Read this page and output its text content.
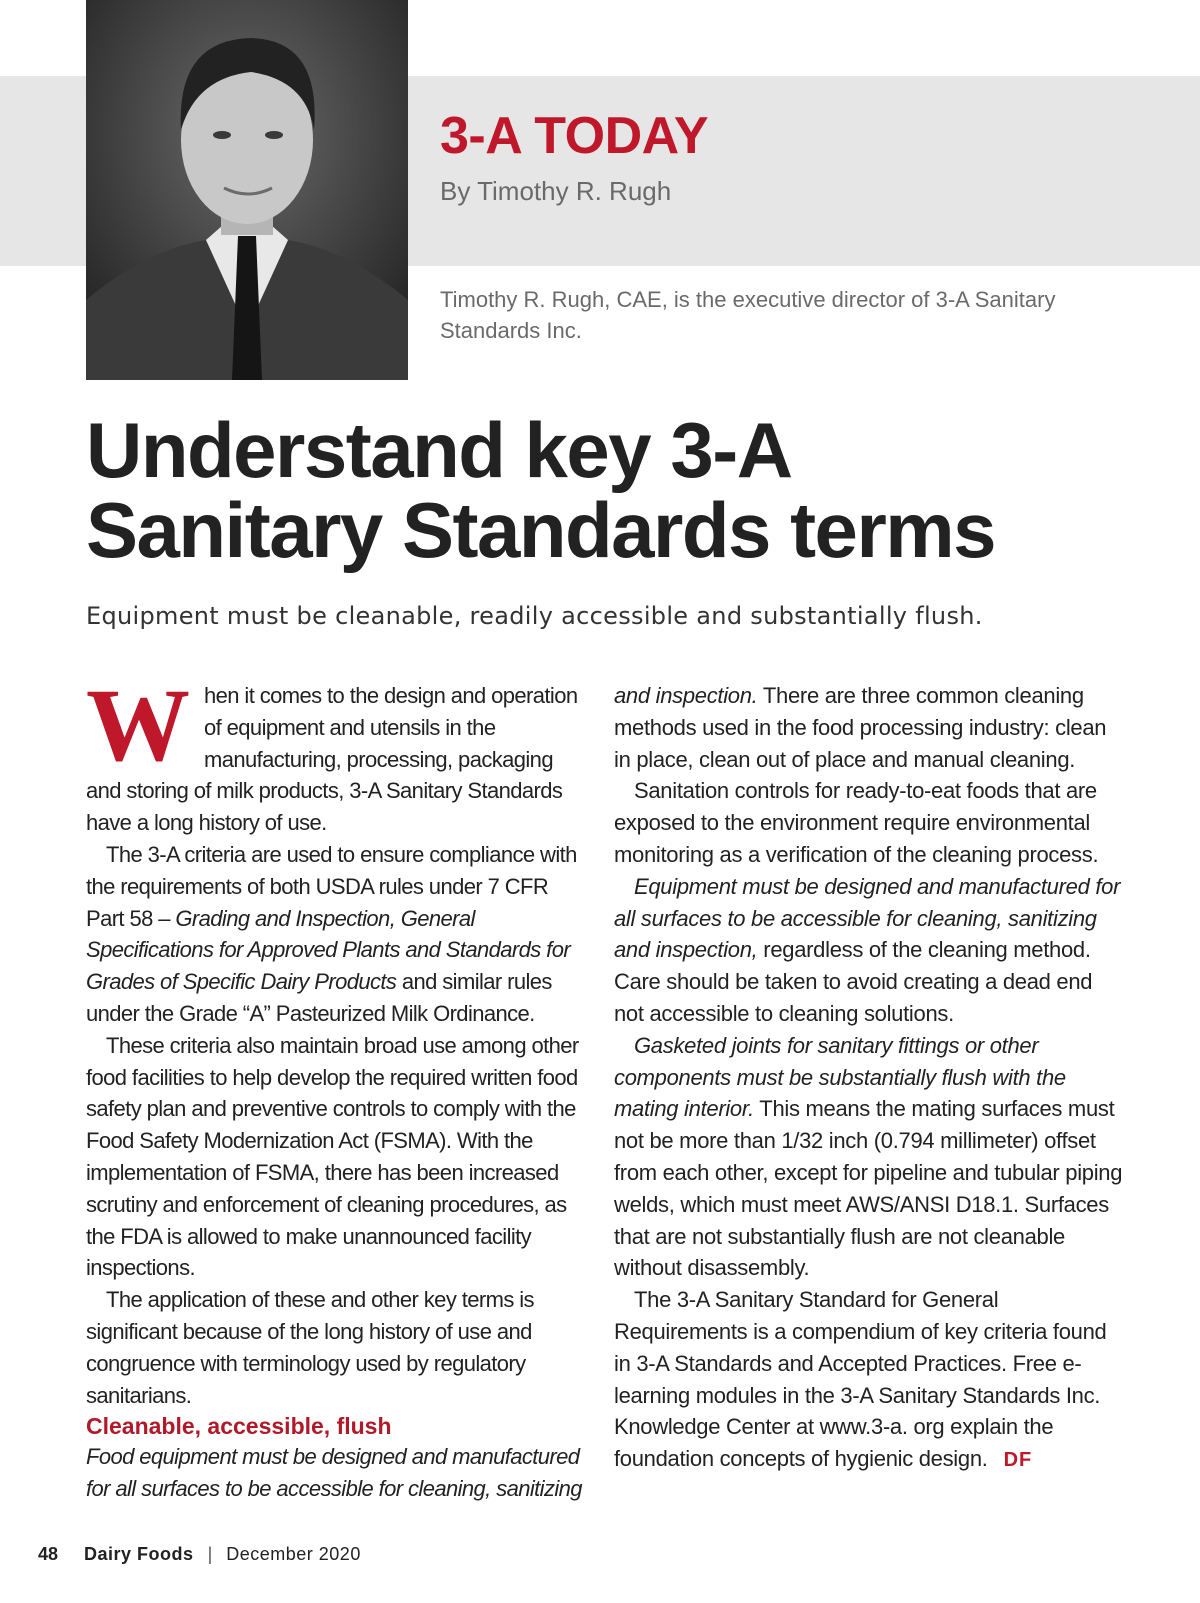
3-A TODAY

By Timothy R. Rugh

Timothy R. Rugh, CAE, is the executive director of 3-A Sanitary Standards Inc.

Understand key 3-A
Sanitary Standards terms

Equipment must be cleanable, readily accessible and substantially flush.

When it comes to the design and operation of equipment and utensils in the manufacturing, processing, packaging and storing of milk products, 3-A Sanitary Standards have a long history of use.

The 3-A criteria are used to ensure compliance with the requirements of both USDA rules under 7 CFR Part 58 – Grading and Inspection, General Specifications for Approved Plants and Standards for Grades of Specific Dairy Products and similar rules under the Grade “A” Pasteurized Milk Ordinance.

These criteria also maintain broad use among other food facilities to help develop the required written food safety plan and preventive controls to comply with the Food Safety Modernization Act (FSMA). With the implementation of FSMA, there has been increased scrutiny and enforcement of cleaning procedures, as the FDA is allowed to make unannounced facility inspections.

The application of these and other key terms is significant because of the long history of use and congruence with terminology used by regulatory sanitarians.

Cleanable, accessible, flush

Food equipment must be designed and manufactured for all surfaces to be accessible for cleaning, sanitizing

and inspection. There are three common cleaning methods used in the food processing industry: clean in place, clean out of place and manual cleaning.

Sanitation controls for ready-to-eat foods that are exposed to the environment require environmental monitoring as a verification of the cleaning process.

Equipment must be designed and manufactured for all surfaces to be accessible for cleaning, sanitizing and inspection, regardless of the cleaning method. Care should be taken to avoid creating a dead end not accessible to cleaning solutions.

Gasketed joints for sanitary fittings or other components must be substantially flush with the mating interior. This means the mating surfaces must not be more than 1/32 inch (0.794 millimeter) offset from each other, except for pipeline and tubular piping welds, which must meet AWS/ANSI D18.1. Surfaces that are not substantially flush are not cleanable without disassembly.

The 3-A Sanitary Standard for General Requirements is a compendium of key criteria found in 3-A Standards and Accepted Practices. Free e-learning modules in the 3-A Sanitary Standards Inc. Knowledge Center at www.3-a. org explain the foundation concepts of hygienic design. DF

48 Dairy Foods | December 2020
